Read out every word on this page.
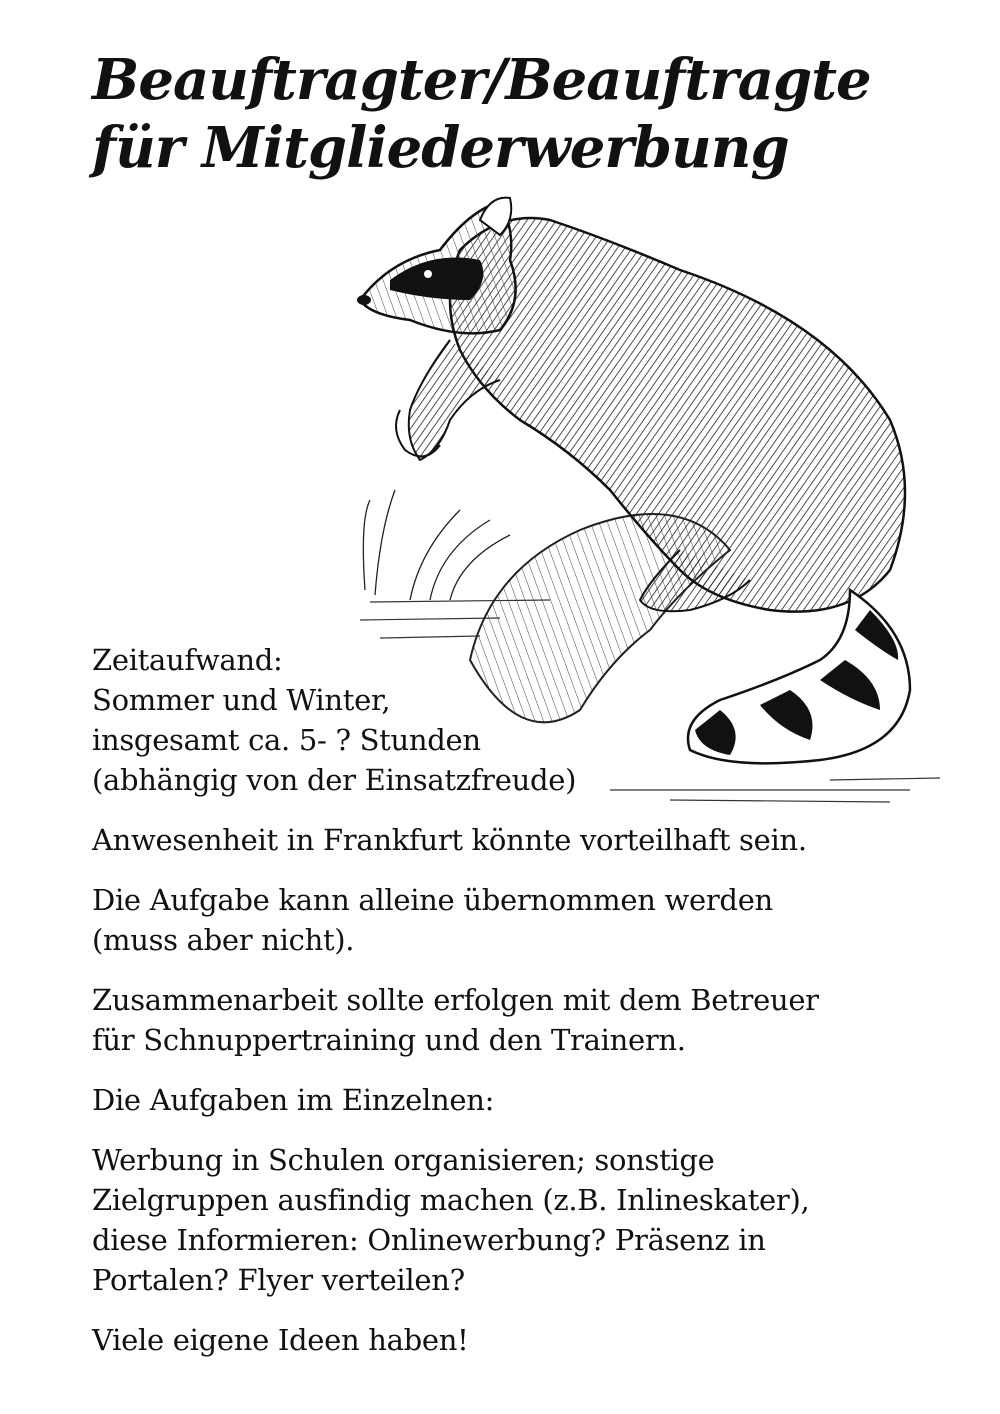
Beauftragter/Beauftragte
für Mitgliederwerbung

Zeitaufwand:
Sommer und Winter,
insgesamt ca. 5- ? Stunden
(abhängig von der Einsatzfreude)

Anwesenheit in Frankfurt könnte vorteilhaft sein.

Die Aufgabe kann alleine übernommen werden
(muss aber nicht).

Zusammenarbeit sollte erfolgen mit dem Betreuer
für Schnuppertraining und den Trainern.

Die Aufgaben im Einzelnen:

Werbung in Schulen organisieren; sonstige
Zielgruppen ausfindig machen (z.B. Inlineskater),
diese Informieren: Onlinewerbung? Präsenz in
Portalen? Flyer verteilen?

Viele eigene Ideen haben!
